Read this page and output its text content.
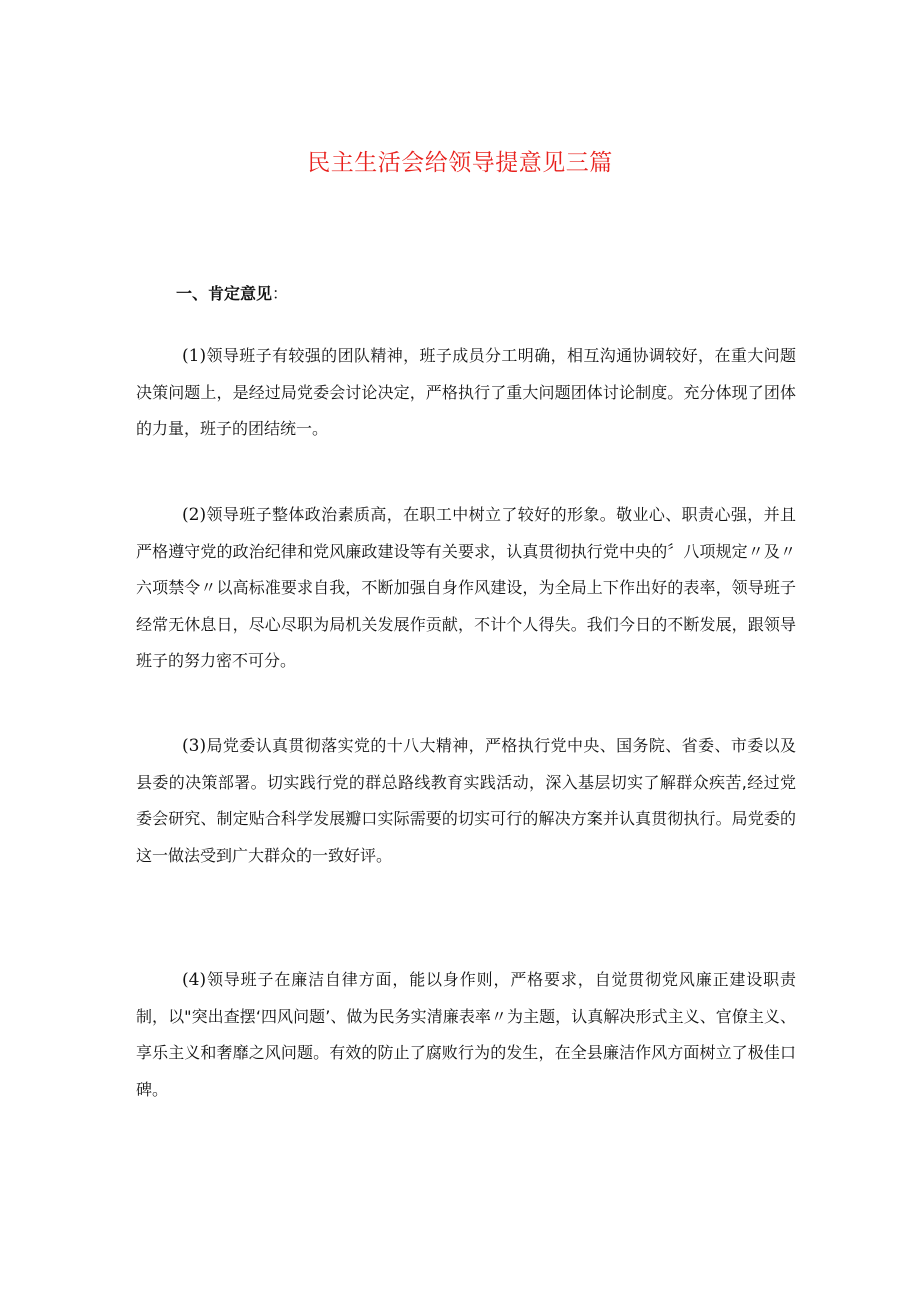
民主生活会给领导提意见三篇
一、肯定意见：
(1)领导班子有较强的团队精神，班子成员分工明确，相互沟通协调较好，在重大问题决策问题上，是经过局党委会讨论决定，严格执行了重大问题团体讨论制度。充分体现了团体的力量，班子的团结统一。
(2)领导班子整体政治素质高，在职工中树立了较好的形象。敬业心、职责心强，并且严格遵守党的政治纪律和党风廉政建设等有关要求，认真贯彻执行党中央的〞八项规定〃及〃六项禁令〃以高标准要求自我，不断加强自身作风建设，为全局上下作出好的表率，领导班子经常无休息日，尽心尽职为局机关发展作贡献，不计个人得失。我们今日的不断发展，跟领导班子的努力密不可分。
(3)局党委认真贯彻落实党的十八大精神，严格执行党中央、国务院、省委、市委以及县委的决策部署。切实践行党的群总路线教育实践活动，深入基层切实了解群众疾苦,经过党委会研究、制定贴合科学发展瓣口实际需要的切实可行的解决方案并认真贯彻执行。局党委的这一做法受到广大群众的一致好评。
(4)领导班子在廉洁自律方面，能以身作则，严格要求，自觉贯彻党风廉正建设职责制，以"突出查摆‘四风问题’、做为民务实清廉表率〃为主题，认真解决形式主义、官僚主义、享乐主义和奢靡之风问题。有效的防止了腐败行为的发生，在全县廉洁作风方面树立了极佳口碑。
